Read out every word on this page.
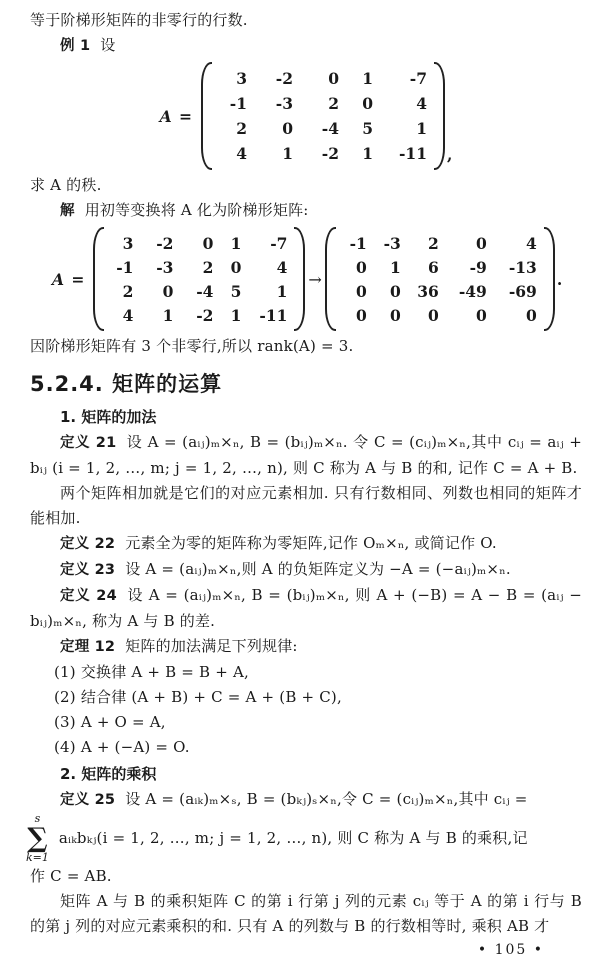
等于阶梯形矩阵的非零行的行数.

例 1 设

A =
3	-2	0	1	-7
-1	-3	2	0	4
2	0	-4	5	1
4	1	-2	1	-11 ,

求 A 的秩.

解 用初等变换将 A 化为阶梯形矩阵:

A =
3	-2	0	1	-7
-1	-3	2	0	4
2	0	-4	5	1
4	1	-2	1	-11
→
-1	-3	2	0	4
0	1	6	-9	-13
0	0	36	-49	-69
0	0	0	0	0
.

因阶梯形矩阵有 3 个非零行,所以 rank(A) = 3.

5.2.4. 矩阵的运算

1. 矩阵的加法

定义 21 设 A = (aᵢⱼ)ₘ×ₙ, B = (bᵢⱼ)ₘ×ₙ. 令 C = (cᵢⱼ)ₘ×ₙ,其中 cᵢⱼ = aᵢⱼ + bᵢⱼ (i = 1, 2, …, m; j = 1, 2, …, n), 则 C 称为 A 与 B 的和, 记作 C = A + B.

两个矩阵相加就是它们的对应元素相加. 只有行数相同、列数也相同的矩阵才能相加.

定义 22 元素全为零的矩阵称为零矩阵,记作 Oₘ×ₙ, 或简记作 O.

定义 23 设 A = (aᵢⱼ)ₘ×ₙ,则 A 的负矩阵定义为 −A = (−aᵢⱼ)ₘ×ₙ.

定义 24 设 A = (aᵢⱼ)ₘ×ₙ, B = (bᵢⱼ)ₘ×ₙ, 则 A + (−B) = A − B = (aᵢⱼ − bᵢⱼ)ₘ×ₙ, 称为 A 与 B 的差.

定理 12 矩阵的加法满足下列规律:

(1) 交换律 A + B = B + A,

(2) 结合律 (A + B) + C = A + (B + C),

(3) A + O = A,

(4) A + (−A) = O.

2. 矩阵的乘积

定义 25 设 A = (aᵢₖ)ₘ×ₛ, B = (bₖⱼ)ₛ×ₙ,令 C = (cᵢⱼ)ₘ×ₙ,其中 cᵢⱼ =

s
∑
k=1

aᵢₖbₖⱼ(i = 1, 2, …, m; j = 1, 2, …, n), 则 C 称为 A 与 B 的乘积,记

作 C = AB.

矩阵 A 与 B 的乘积矩阵 C 的第 i 行第 j 列的元素 cᵢⱼ 等于 A 的第 i 行与 B 的第 j 列的对应元素乘积的和. 只有 A 的列数与 B 的行数相等时, 乘积 AB 才

• 105 •
